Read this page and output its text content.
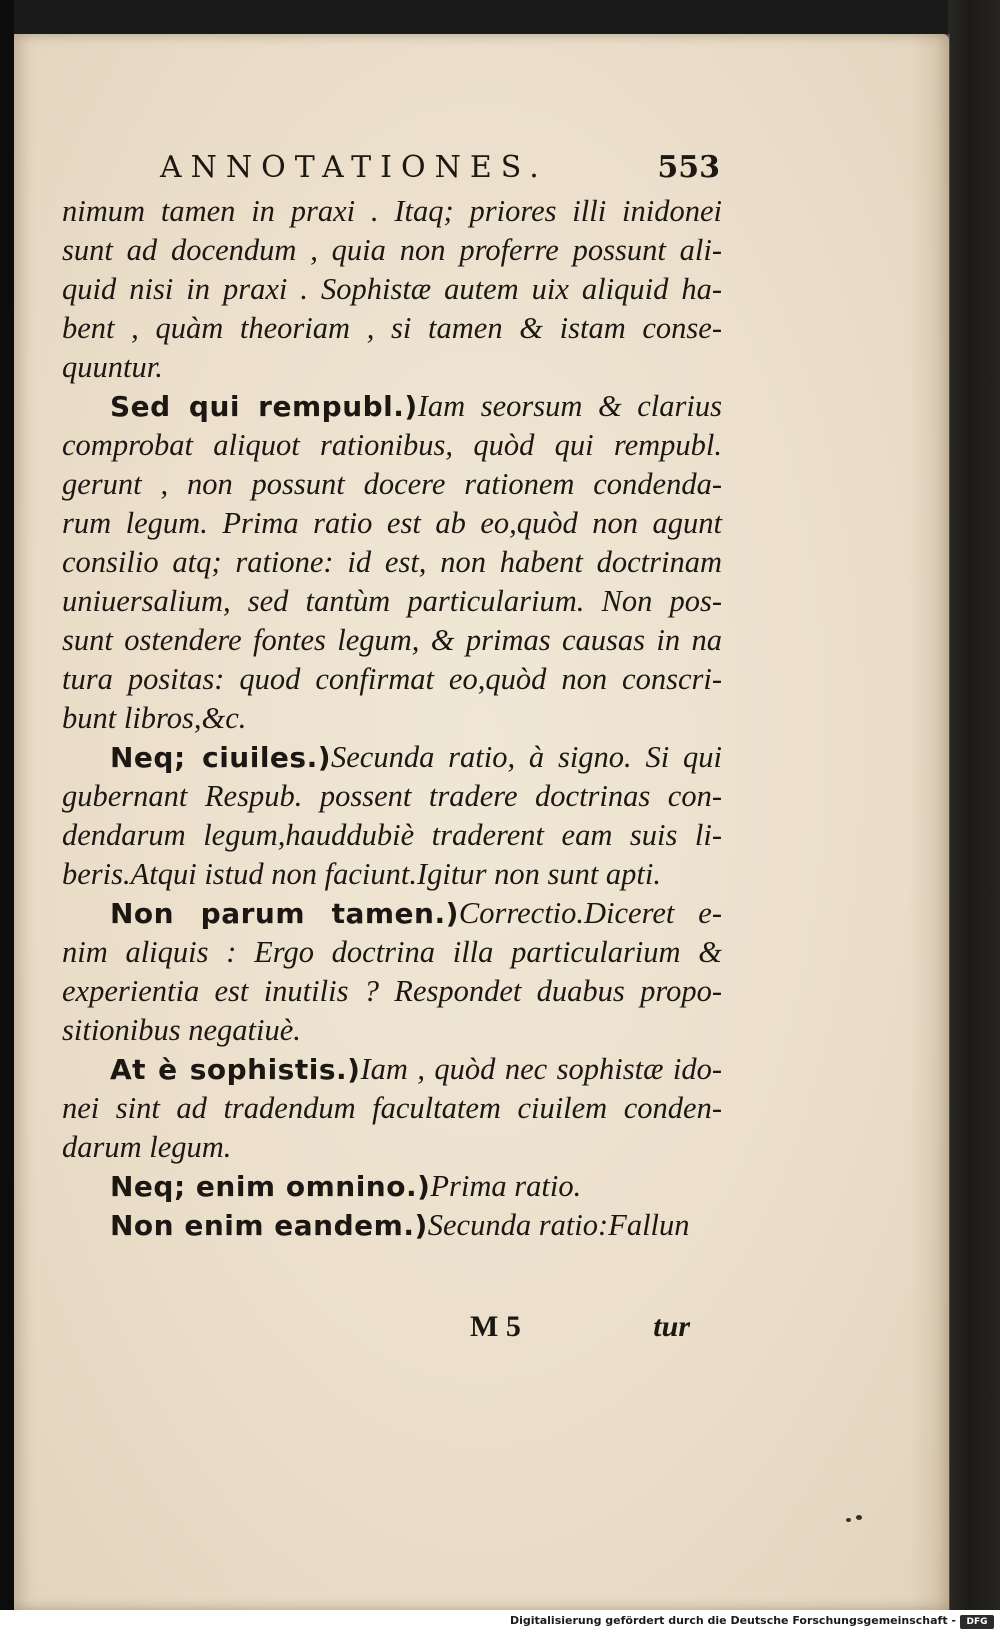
ANNOTATIONES.	553
nimum tamen in praxi . Itaq; priores illi inidonei
sunt ad docendum , quia non proferre possunt ali-
quid nisi in praxi . Sophistæ autem uix aliquid ha-
bent , quàm theoriam , si tamen & istam conse-
quuntur.
Sed qui rempubl.)Iam seorsum & clarius
comprobat aliquot rationibus, quòd qui rempubl.
gerunt , non possunt docere rationem condenda-
rum legum. Prima ratio est ab eo,quòd non agunt
consilio atq; ratione: id est, non habent doctrinam
uniuersalium, sed tantùm particularium. Non pos-
sunt ostendere fontes legum, & primas causas in na
tura positas: quod confirmat eo,quòd non conscri-
bunt libros,&c.
Neq; ciuiles.)Secunda ratio, à signo. Si qui
gubernant Respub. possent tradere doctrinas con-
dendarum legum,hauddubiè traderent eam suis li-
beris.Atqui istud non faciunt.Igitur non sunt apti.
Non parum tamen.)Correctio.Diceret e-
nim aliquis : Ergo doctrina illa particularium &
experientia est inutilis ? Respondet duabus propo-
sitionibus negatiuè.
At è sophistis.)Iam , quòd nec sophistæ ido-
nei sint ad tradendum facultatem ciuilem conden-
darum legum.
Neq; enim omnino.)Prima ratio.
Non enim eandem.)Secunda ratio:Fallun
M 5	tur
Digitalisierung gefördert durch die Deutsche Forschungsgemeinschaft -	DFG
